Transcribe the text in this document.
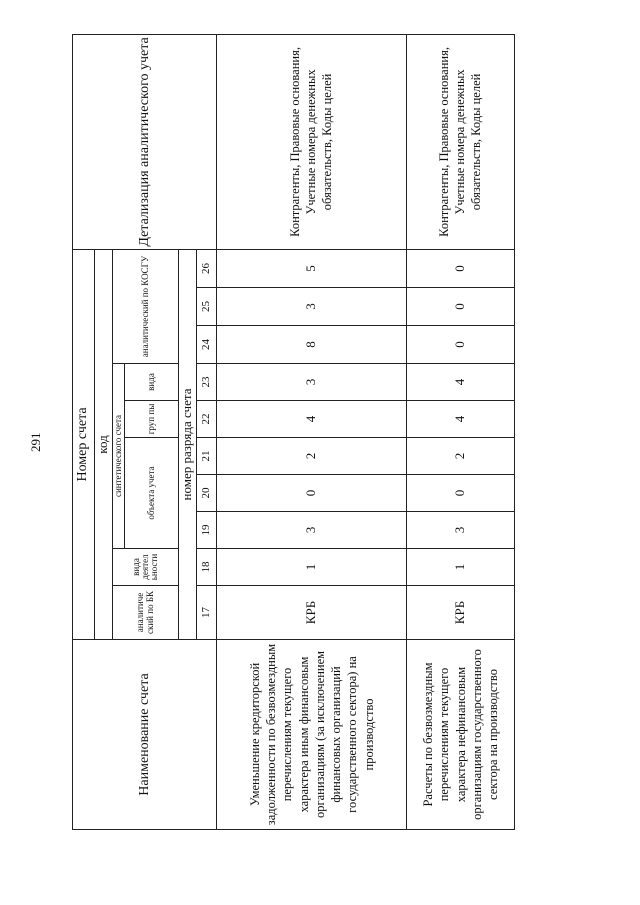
291
Наименование счета	Номер счета										Детализация аналитического учета
	код										
	аналитиче ский по БК	вида деятел ьности	синтетического счета					аналитический по КОСГУ			
			объекта учета			груп пы	вида				
	номер разряда счета										
	17	18	19	20	21	22	23	24	25	26	
Уменьшение кредиторской задолженности по безвозмездным перечислениям текущего характера иным финансовым организациям (за исключением финансовых организаций государственного сектора) на производство	КРБ	1	3	0	2	4	3	8	3	5	Контрагенты, Правовые основания, Учетные номера денежных обязательств, Коды целей
Расчеты по безвозмездным перечислениям текущего характера нефинансовым организациям государственного сектора на производство	КРБ	1	3	0	2	4	4	0	0	0	Контрагенты, Правовые основания, Учетные номера денежных обязательств, Коды целей
